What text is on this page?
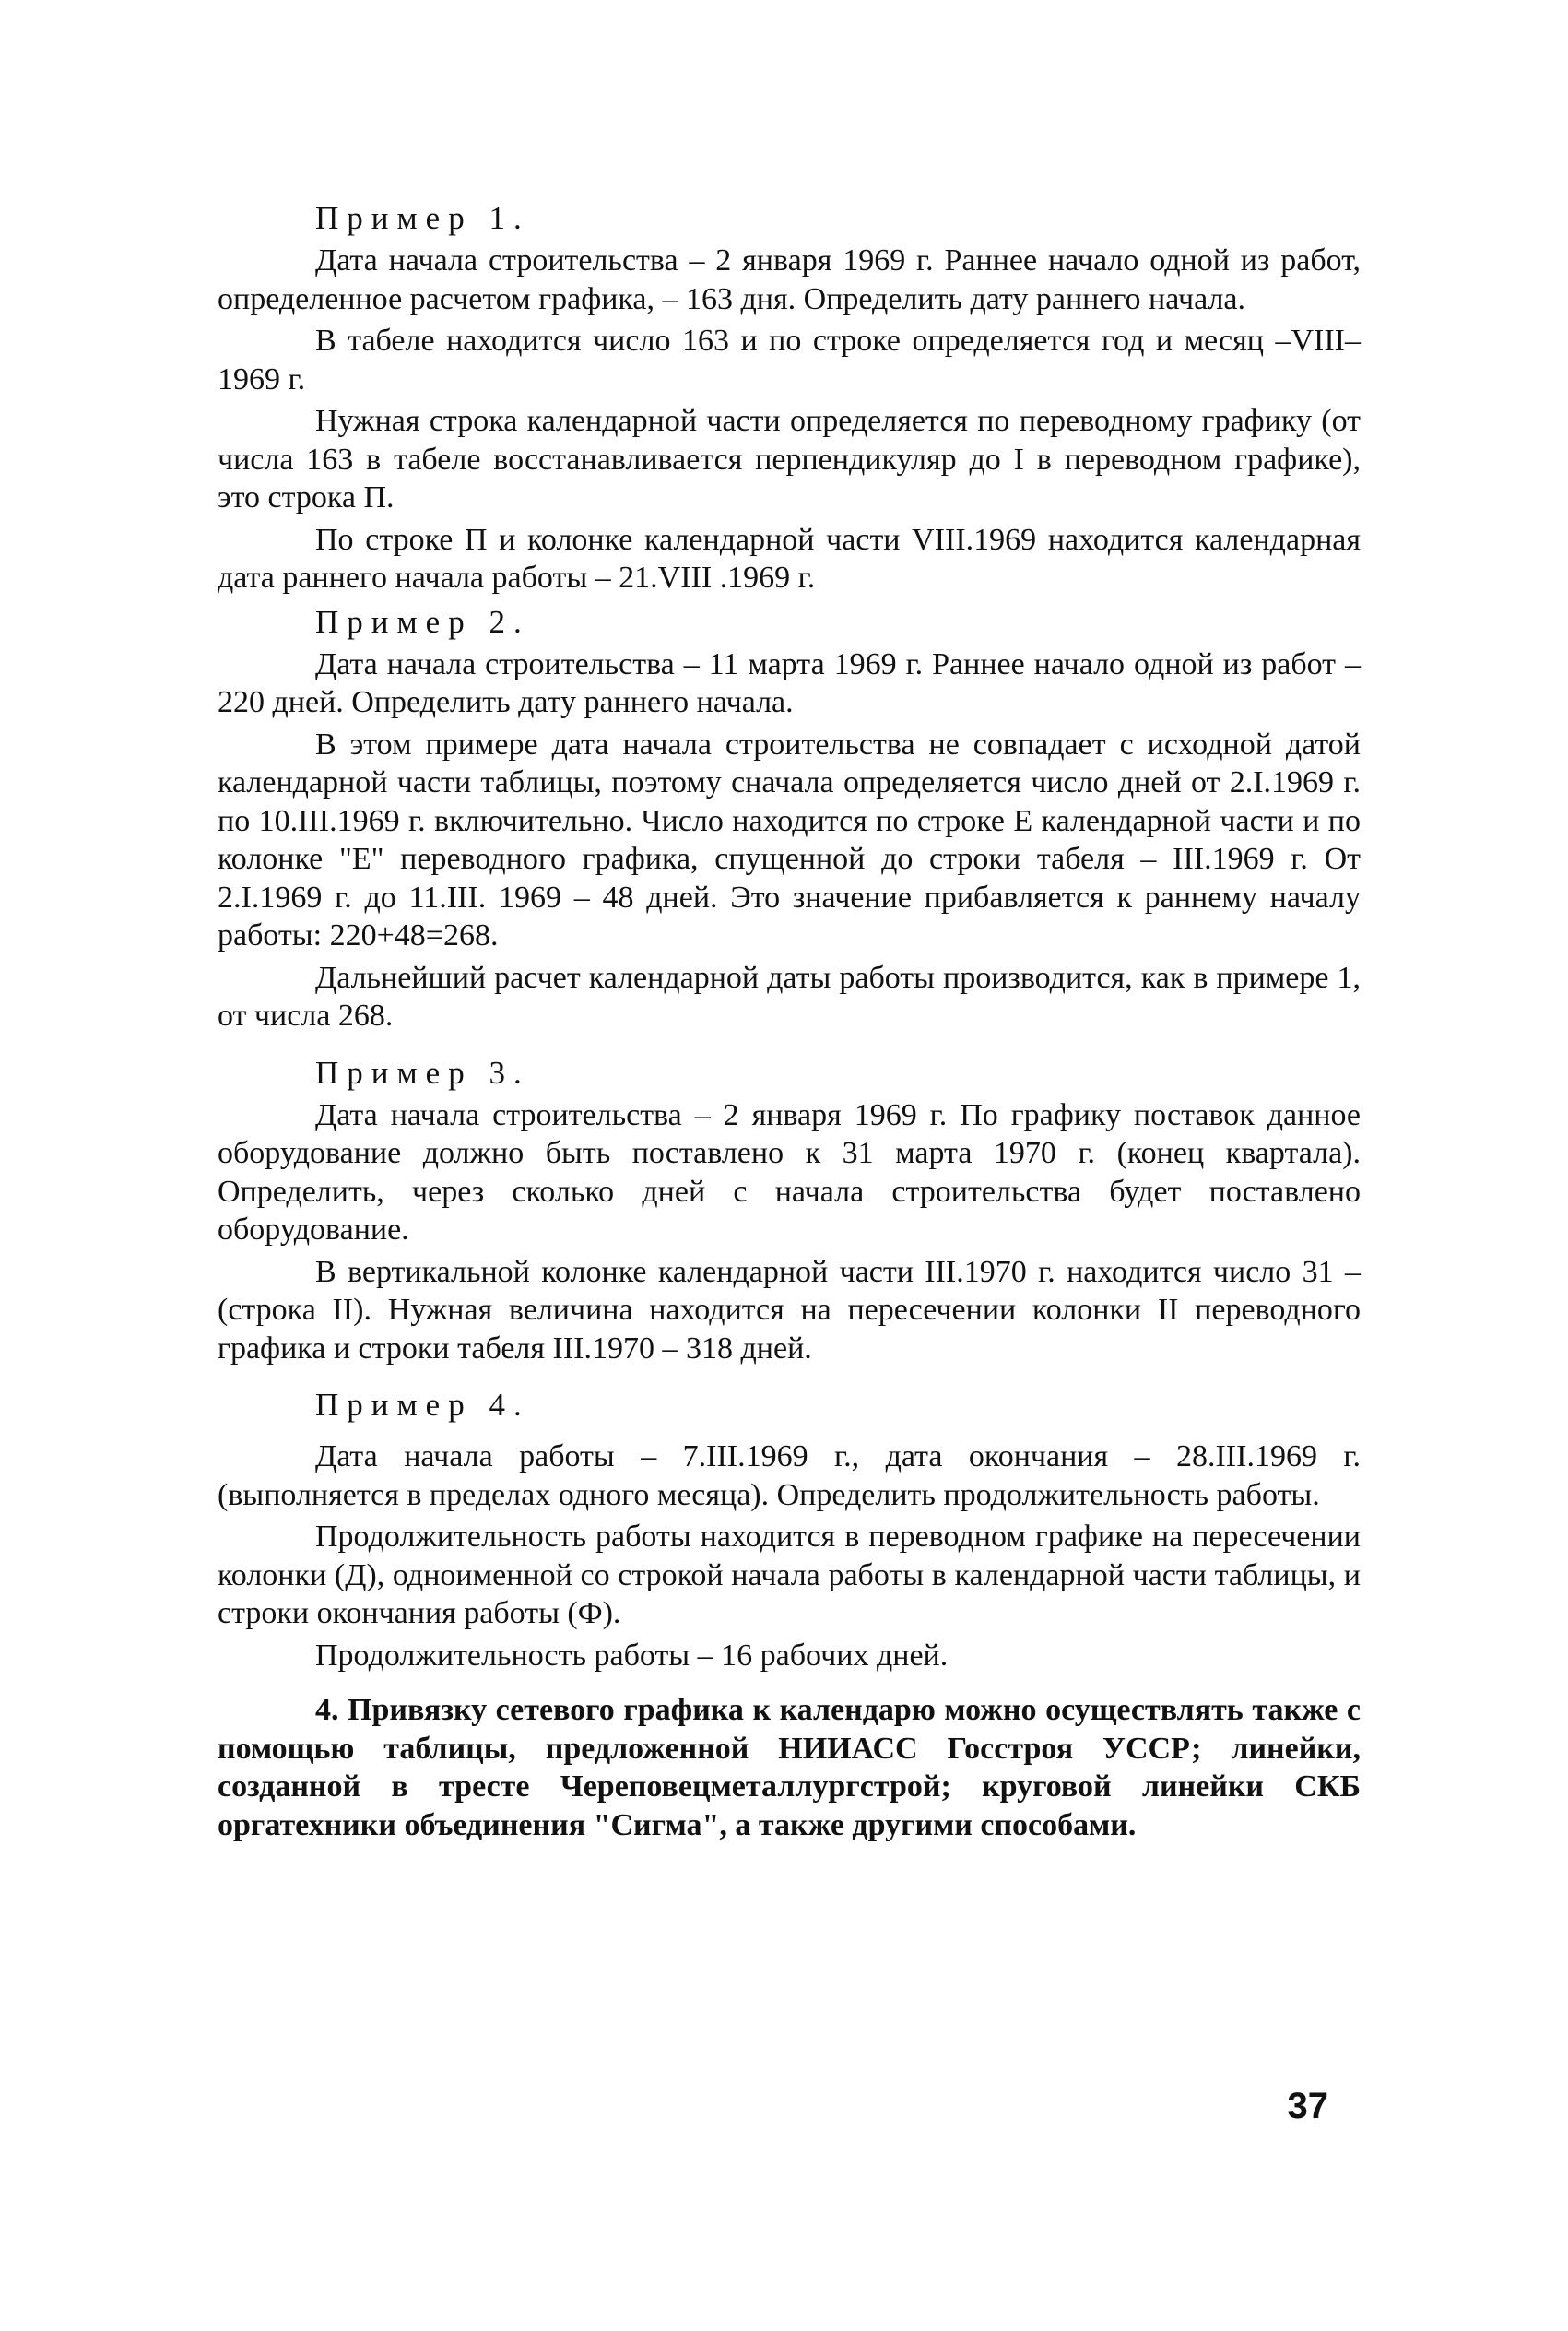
Пример 1.

Дата начала строительства – 2 января 1969 г. Раннее начало одной из работ, определенное расчетом графика, – 163 дня. Определить дату раннего начала.

В табеле находится число 163 и по строке определяется год и месяц –VIII–1969 г.

Нужная строка календарной части определяется по переводному графику (от числа 163 в табеле восстанавливается перпендикуляр до I в переводном графике), это строка П.

По строке П и колонке календарной части VIII.1969 находится календарная дата раннего начала работы – 21.VIII .1969 г.

Пример 2.

Дата начала строительства – 11 марта 1969 г. Раннее начало одной из работ – 220 дней. Определить дату раннего начала.

В этом примере дата начала строительства не совпадает с исходной датой календарной части таблицы, поэтому сначала определяется число дней от 2.I.1969 г. по 10.III.1969 г. включительно. Число находится по строке Е календарной части и по колонке "Е" переводного графика, спущенной до строки табеля – III.1969 г. От 2.I.1969 г. до 11.III. 1969 – 48 дней. Это значение прибавляется к раннему началу работы: 220+48=268.

Дальнейший расчет календарной даты работы производится, как в примере 1, от числа 268.

Пример 3.

Дата начала строительства – 2 января 1969 г. По графику поставок данное оборудование должно быть поставлено к 31 марта 1970 г. (конец квартала). Определить, через сколько дней с начала строительства будет поставлено оборудование.

В вертикальной колонке календарной части III.1970 г. находится число 31 – (строка II). Нужная величина находится на пересечении колонки II переводного графика и строки табеля III.1970 – 318 дней.

Пример 4.

Дата начала работы – 7.III.1969 г., дата окончания – 28.III.1969 г. (выполняется в пределах одного месяца). Определить продолжительность работы.

Продолжительность работы находится в переводном графике на пересечении колонки (Д), одноименной со строкой начала работы в календарной части таблицы, и строки окончания работы (Ф).

Продолжительность работы – 16 рабочих дней.

4. Привязку сетевого графика к календарю можно осуществлять также с помощью таблицы, предложенной НИИАСС Госстроя УССР; линейки, созданной в тресте Череповецметаллургстрой; круговой линейки СКБ оргатехники объединения "Сигма", а также другими способами.

37
